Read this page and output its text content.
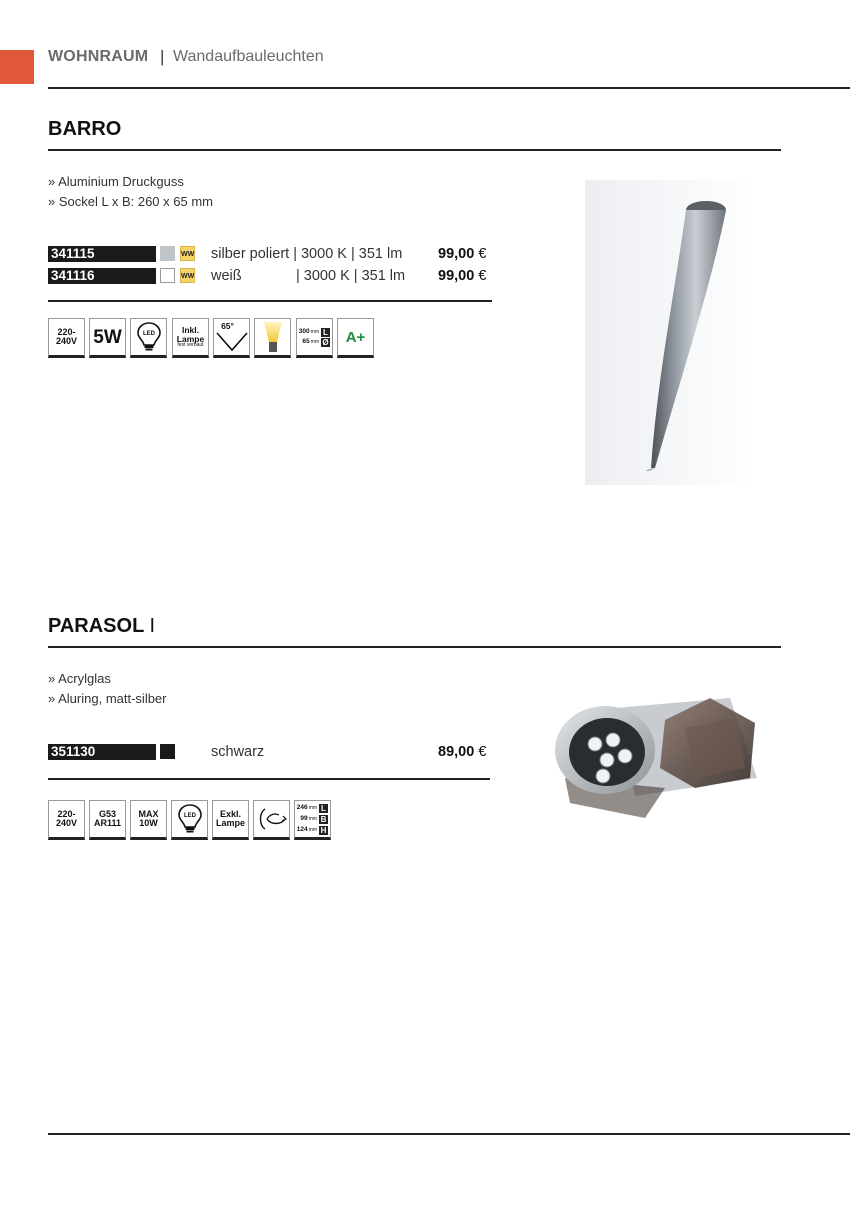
WOHNRAUM | Wandaufbauleuchten
BARRO
» Aluminium Druckguss
» Sockel L x B: 260 x 65 mm
341115	WW silber poliert | 3000 K | 351 lm 99,00 €
341116	WW weiß	| 3000 K | 351 lm 99,00 €
220-
240V 5W	LED	Inkl.
Lampe
fest verbaut
65°
300 mm L
65 mm Ø A+
PARASOL I
» Acrylglas
» Aluring, matt-silber
351130	schwarz	89,00 €
220-
240V
G53
AR111
MAX
10W
LED	Exkl.
Lampe
246 mm L
99 mm B
124 mm H
